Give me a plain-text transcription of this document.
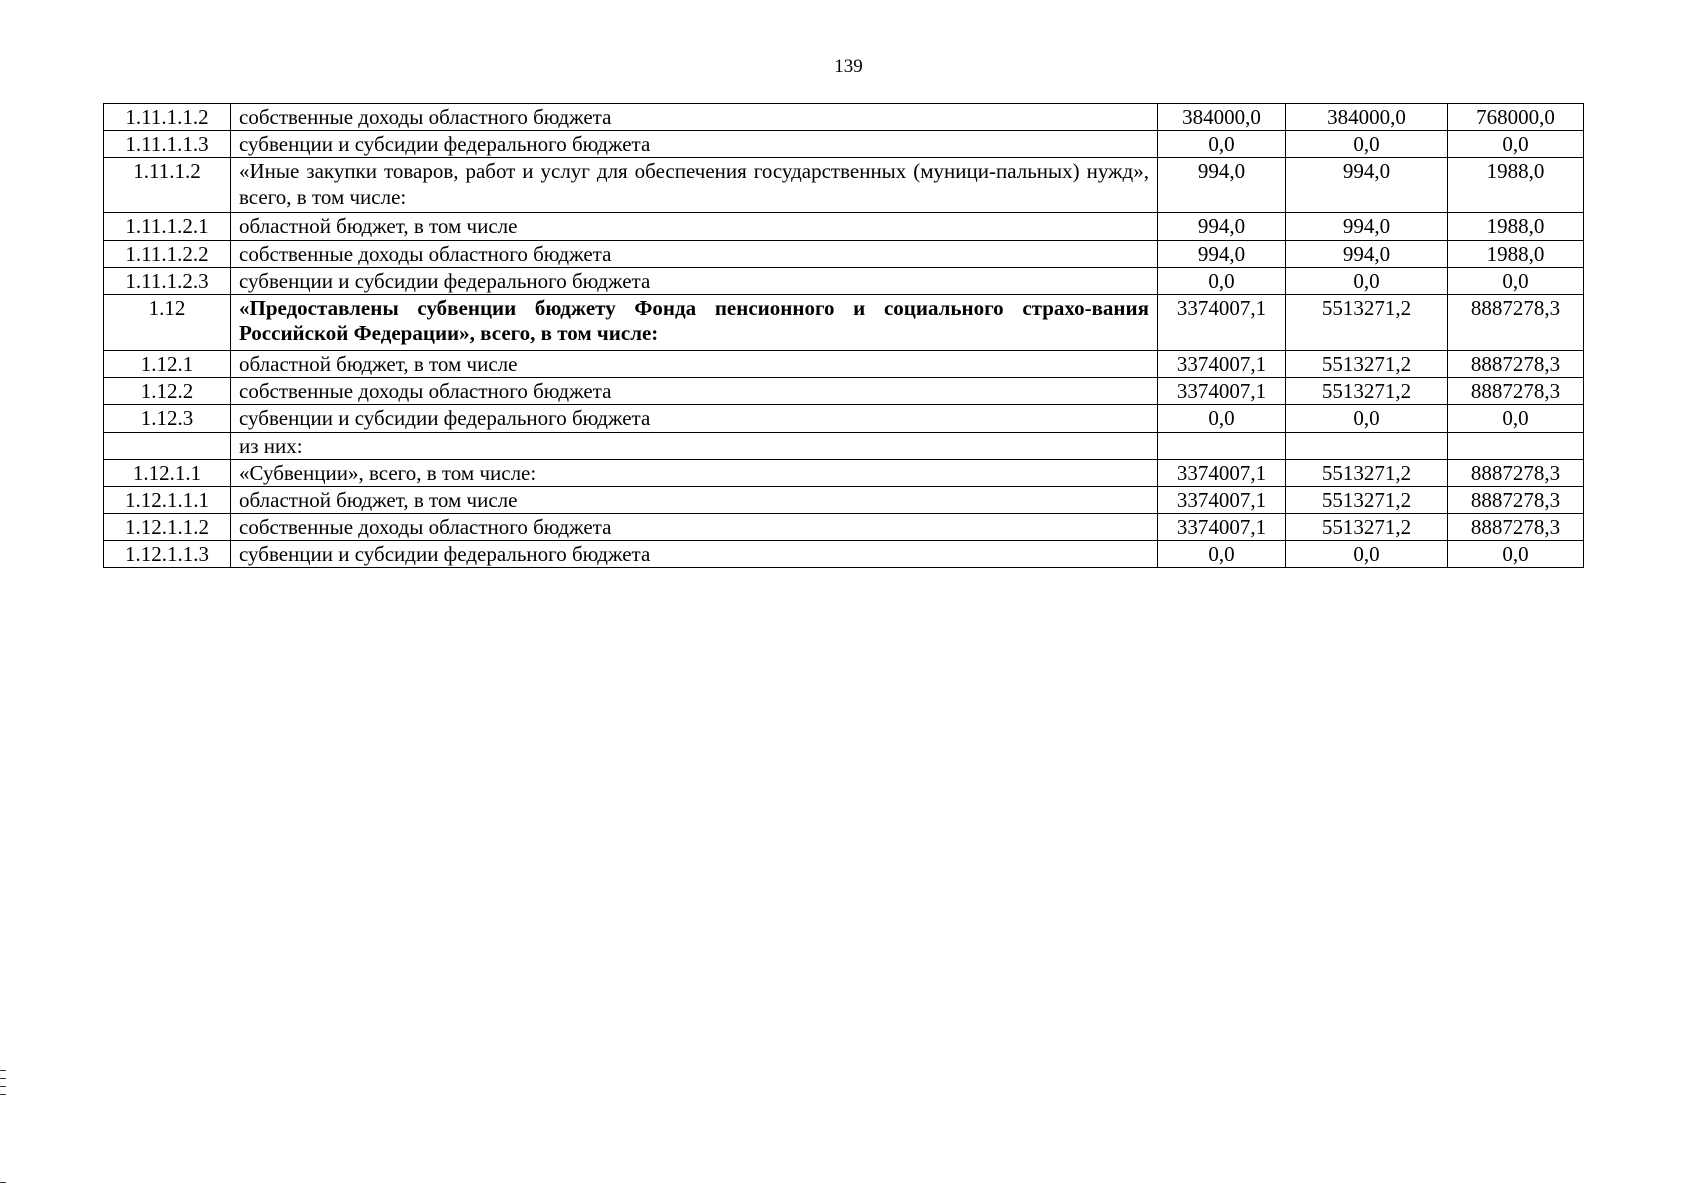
139
1.11.1.1.2	собственные доходы областного бюджета	384000,0	384000,0	768000,0
1.11.1.1.3	субвенции и субсидии федерального бюджета	0,0	0,0	0,0
1.11.1.2	«Иные закупки товаров, работ и услуг для обеспечения государственных (муници-пальных) нужд», всего, в том числе:	994,0	994,0	1988,0
1.11.1.2.1	областной бюджет, в том числе	994,0	994,0	1988,0
1.11.1.2.2	собственные доходы областного бюджета	994,0	994,0	1988,0
1.11.1.2.3	субвенции и субсидии федерального бюджета	0,0	0,0	0,0
1.12	«Предоставлены субвенции бюджету Фонда пенсионного и социального страхо-вания Российской Федерации», всего, в том числе:	3374007,1	5513271,2	8887278,3
1.12.1	областной бюджет, в том числе	3374007,1	5513271,2	8887278,3
1.12.2	собственные доходы областного бюджета	3374007,1	5513271,2	8887278,3
1.12.3	субвенции и субсидии федерального бюджета	0,0	0,0	0,0
	из них:			
1.12.1.1	«Субвенции», всего, в том числе:	3374007,1	5513271,2	8887278,3
1.12.1.1.1	областной бюджет, в том числе	3374007,1	5513271,2	8887278,3
1.12.1.1.2	собственные доходы областного бюджета	3374007,1	5513271,2	8887278,3
1.12.1.1.3	субвенции и субсидии федерального бюджета	0,0	0,0	0,0
